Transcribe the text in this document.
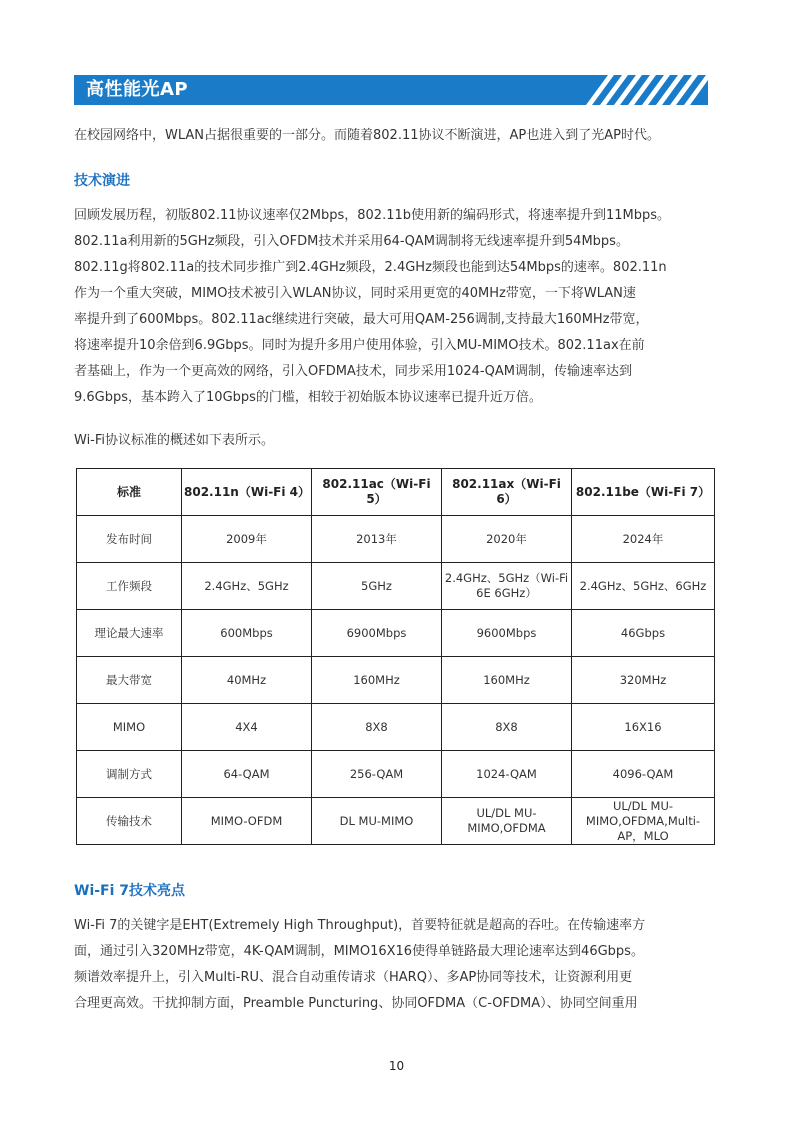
高性能光AP

在校园网络中，WLAN占据很重要的一部分。而随着802.11协议不断演进，AP也进入到了光AP时代。

技术演进

回顾发展历程，初版802.11协议速率仅2Mbps，802.11b使用新的编码形式，将速率提升到11Mbps。

802.11a利用新的5GHz频段，引入OFDM技术并采用64-QAM调制将无线速率提升到54Mbps。

802.11g将802.11a的技术同步推广到2.4GHz频段，2.4GHz频段也能到达54Mbps的速率。802.11n

作为一个重大突破，MIMO技术被引入WLAN协议，同时采用更宽的40MHz带宽，一下将WLAN速

率提升到了600Mbps。802.11ac继续进行突破，最大可用QAM-256调制,支持最大160MHz带宽，

将速率提升10余倍到6.9Gbps。同时为提升多用户使用体验，引入MU-MIMO技术。802.11ax在前

者基础上，作为一个更高效的网络，引入OFDMA技术，同步采用1024-QAM调制，传输速率达到

9.6Gbps，基本跨入了10Gbps的门槛，相较于初始版本协议速率已提升近万倍。

Wi-Fi协议标准的概述如下表所示。

标准	802.11n（Wi-Fi 4）	802.11ac（Wi-Fi 5）	802.11ax（Wi-Fi 6）	802.11be（Wi-Fi 7）
发布时间	2009年	2013年	2020年	2024年
工作频段	2.4GHz、5GHz	5GHz	2.4GHz、5GHz（Wi-Fi 6E 6GHz）	2.4GHz、5GHz、6GHz
理论最大速率	600Mbps	6900Mbps	9600Mbps	46Gbps
最大带宽	40MHz	160MHz	160MHz	320MHz
MIMO	4X4	8X8	8X8	16X16
调制方式	64-QAM	256-QAM	1024-QAM	4096-QAM
传输技术	MIMO-OFDM	DL MU-MIMO	UL/DL MU-MIMO,OFDMA	UL/DL MU-MIMO,OFDMA,Multi-AP，MLO
Wi-Fi 7技术亮点

Wi-Fi 7的关键字是EHT(Extremely High Throughput)，首要特征就是超高的吞吐。在传输速率方

面，通过引入320MHz带宽，4K-QAM调制，MIMO16X16使得单链路最大理论速率达到46Gbps。

频谱效率提升上，引入Multi-RU、混合自动重传请求（HARQ）、多AP协同等技术，让资源利用更

合理更高效。干扰抑制方面，Preamble Puncturing、协同OFDMA（C-OFDMA）、协同空间重用

10
